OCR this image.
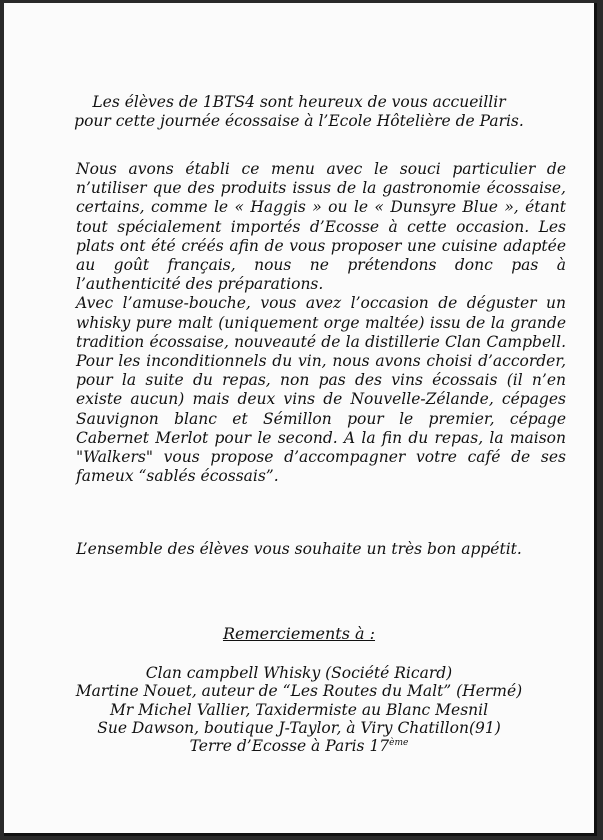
Les élèves de 1BTS4 sont heureux de vous accueillir
pour cette journée écossaise à l’Ecole Hôtelière de Paris.

Nous avons établi ce menu avec le souci particulier de n’utiliser que des produits issus de la gastronomie écossaise, certains, comme le « Haggis » ou le « Dunsyre Blue », étant tout spécialement importés d’Ecosse à cette occasion. Les plats ont été créés afin de vous proposer une cuisine adaptée au goût français, nous ne prétendons donc pas à l’authenticité des préparations.

Avec l’amuse-bouche, vous avez l’occasion de déguster un whisky pure malt (uniquement orge maltée) issu de la grande tradition écossaise, nouveauté de la distillerie Clan Campbell. Pour les inconditionnels du vin, nous avons choisi d’accorder, pour la suite du repas, non pas des vins écossais (il n’en existe aucun) mais deux vins de Nouvelle-Zélande, cépages Sauvignon blanc et Sémillon pour le premier, cépage Cabernet Merlot pour le second. A la fin du repas, la maison "Walkers" vous propose d’accompagner votre café de ses fameux “sablés écossais”.

L’ensemble des élèves vous souhaite un très bon appétit.
Remerciements à :
Clan campbell Whisky (Société Ricard)
Martine Nouet, auteur de “Les Routes du Malt” (Hermé)
Mr Michel Vallier, Taxidermiste au Blanc Mesnil
Sue Dawson, boutique J-Taylor, à Viry Chatillon(91)
Terre d’Ecosse à Paris 17ème
